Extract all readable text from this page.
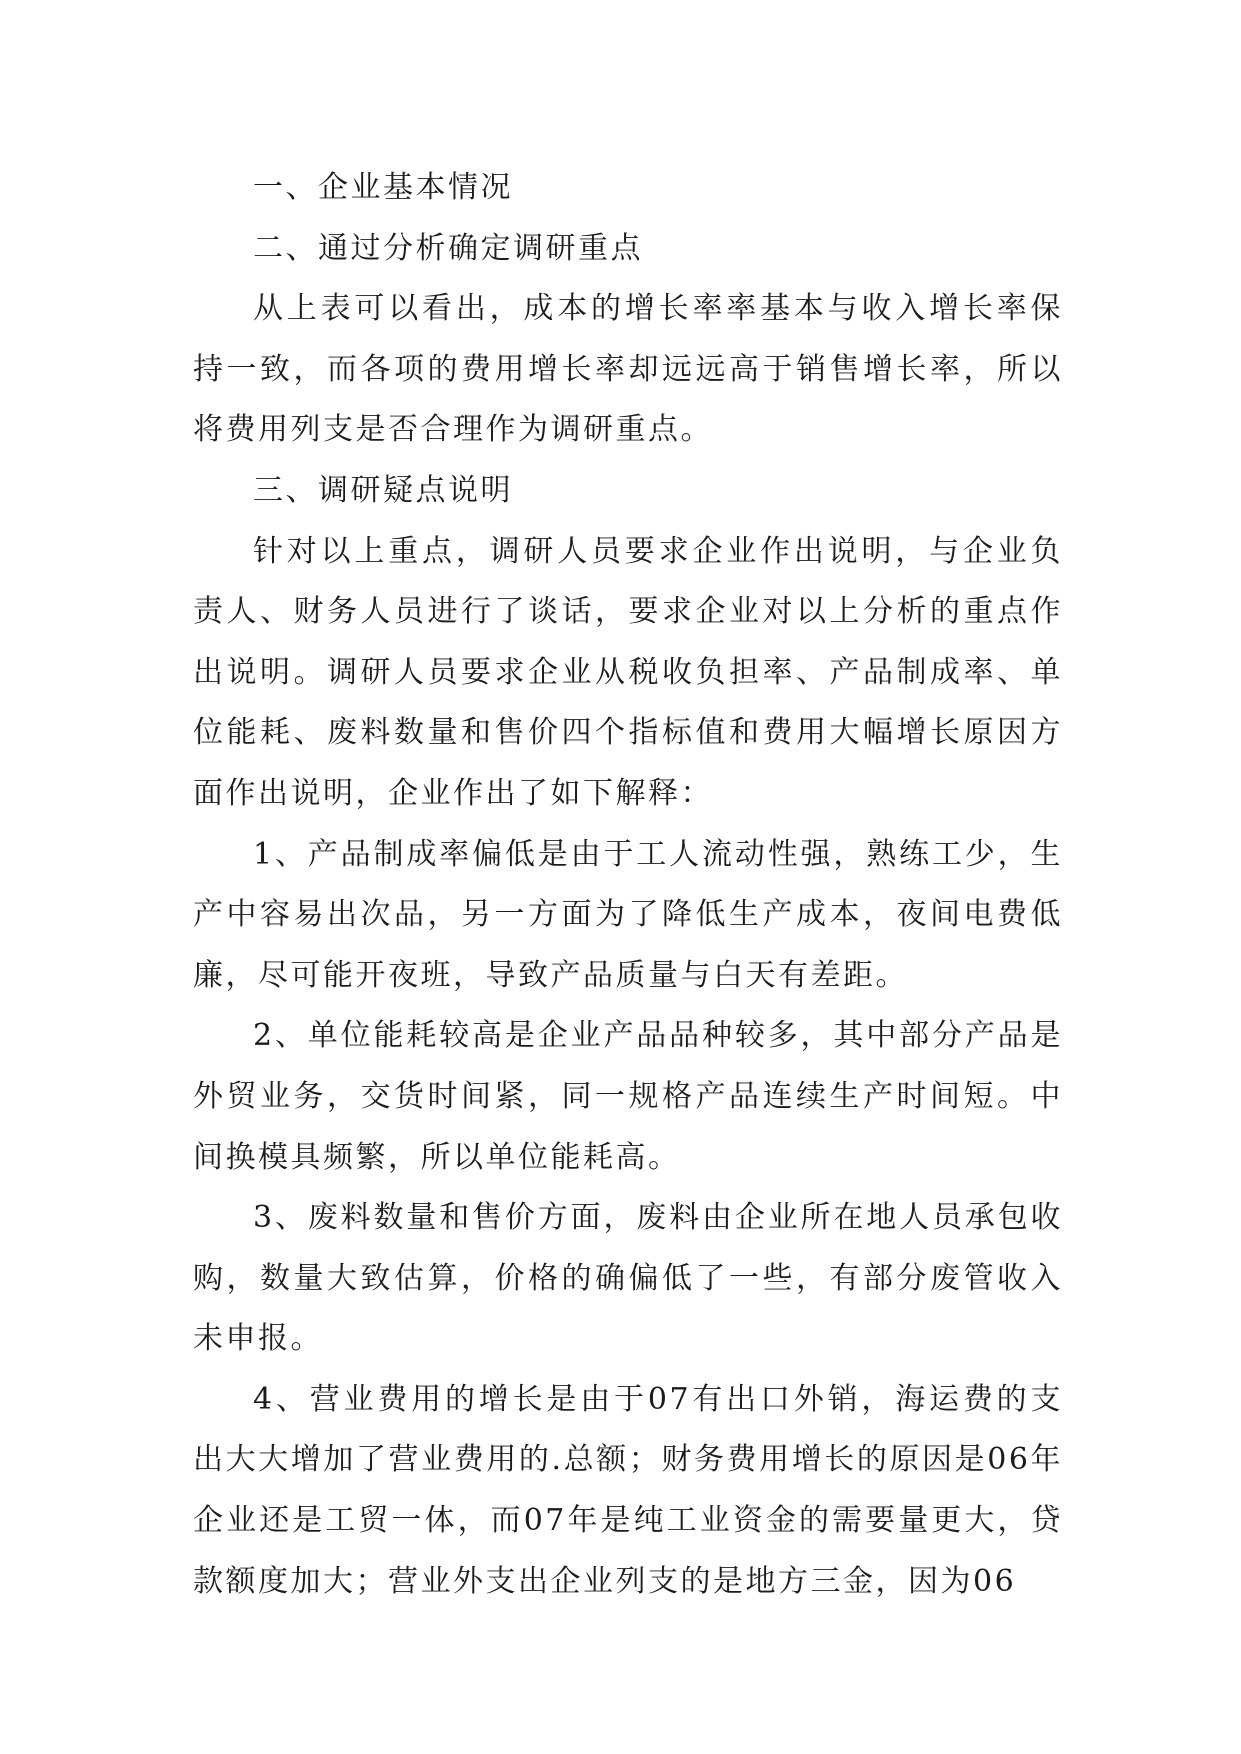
一、企业基本情况

二、通过分析确定调研重点

从上表可以看出，成本的增长率率基本与收入增长率保持一致，而各项的费用增长率却远远高于销售增长率，所以将费用列支是否合理作为调研重点。

三、调研疑点说明

针对以上重点，调研人员要求企业作出说明，与企业负责人、财务人员进行了谈话，要求企业对以上分析的重点作出说明。调研人员要求企业从税收负担率、产品制成率、单位能耗、废料数量和售价四个指标值和费用大幅增长原因方面作出说明，企业作出了如下解释：

1、产品制成率偏低是由于工人流动性强，熟练工少，生产中容易出次品，另一方面为了降低生产成本，夜间电费低廉，尽可能开夜班，导致产品质量与白天有差距。

2、单位能耗较高是企业产品品种较多，其中部分产品是外贸业务，交货时间紧，同一规格产品连续生产时间短。中间换模具频繁，所以单位能耗高。

3、废料数量和售价方面，废料由企业所在地人员承包收购，数量大致估算，价格的确偏低了一些，有部分废管收入未申报。

4、营业费用的增长是由于07有出口外销，海运费的支出大大增加了营业费用的.总额；财务费用增长的原因是06年企业还是工贸一体，而07年是纯工业资金的需要量更大，贷款额度加大；营业外支出企业列支的是地方三金，因为06
